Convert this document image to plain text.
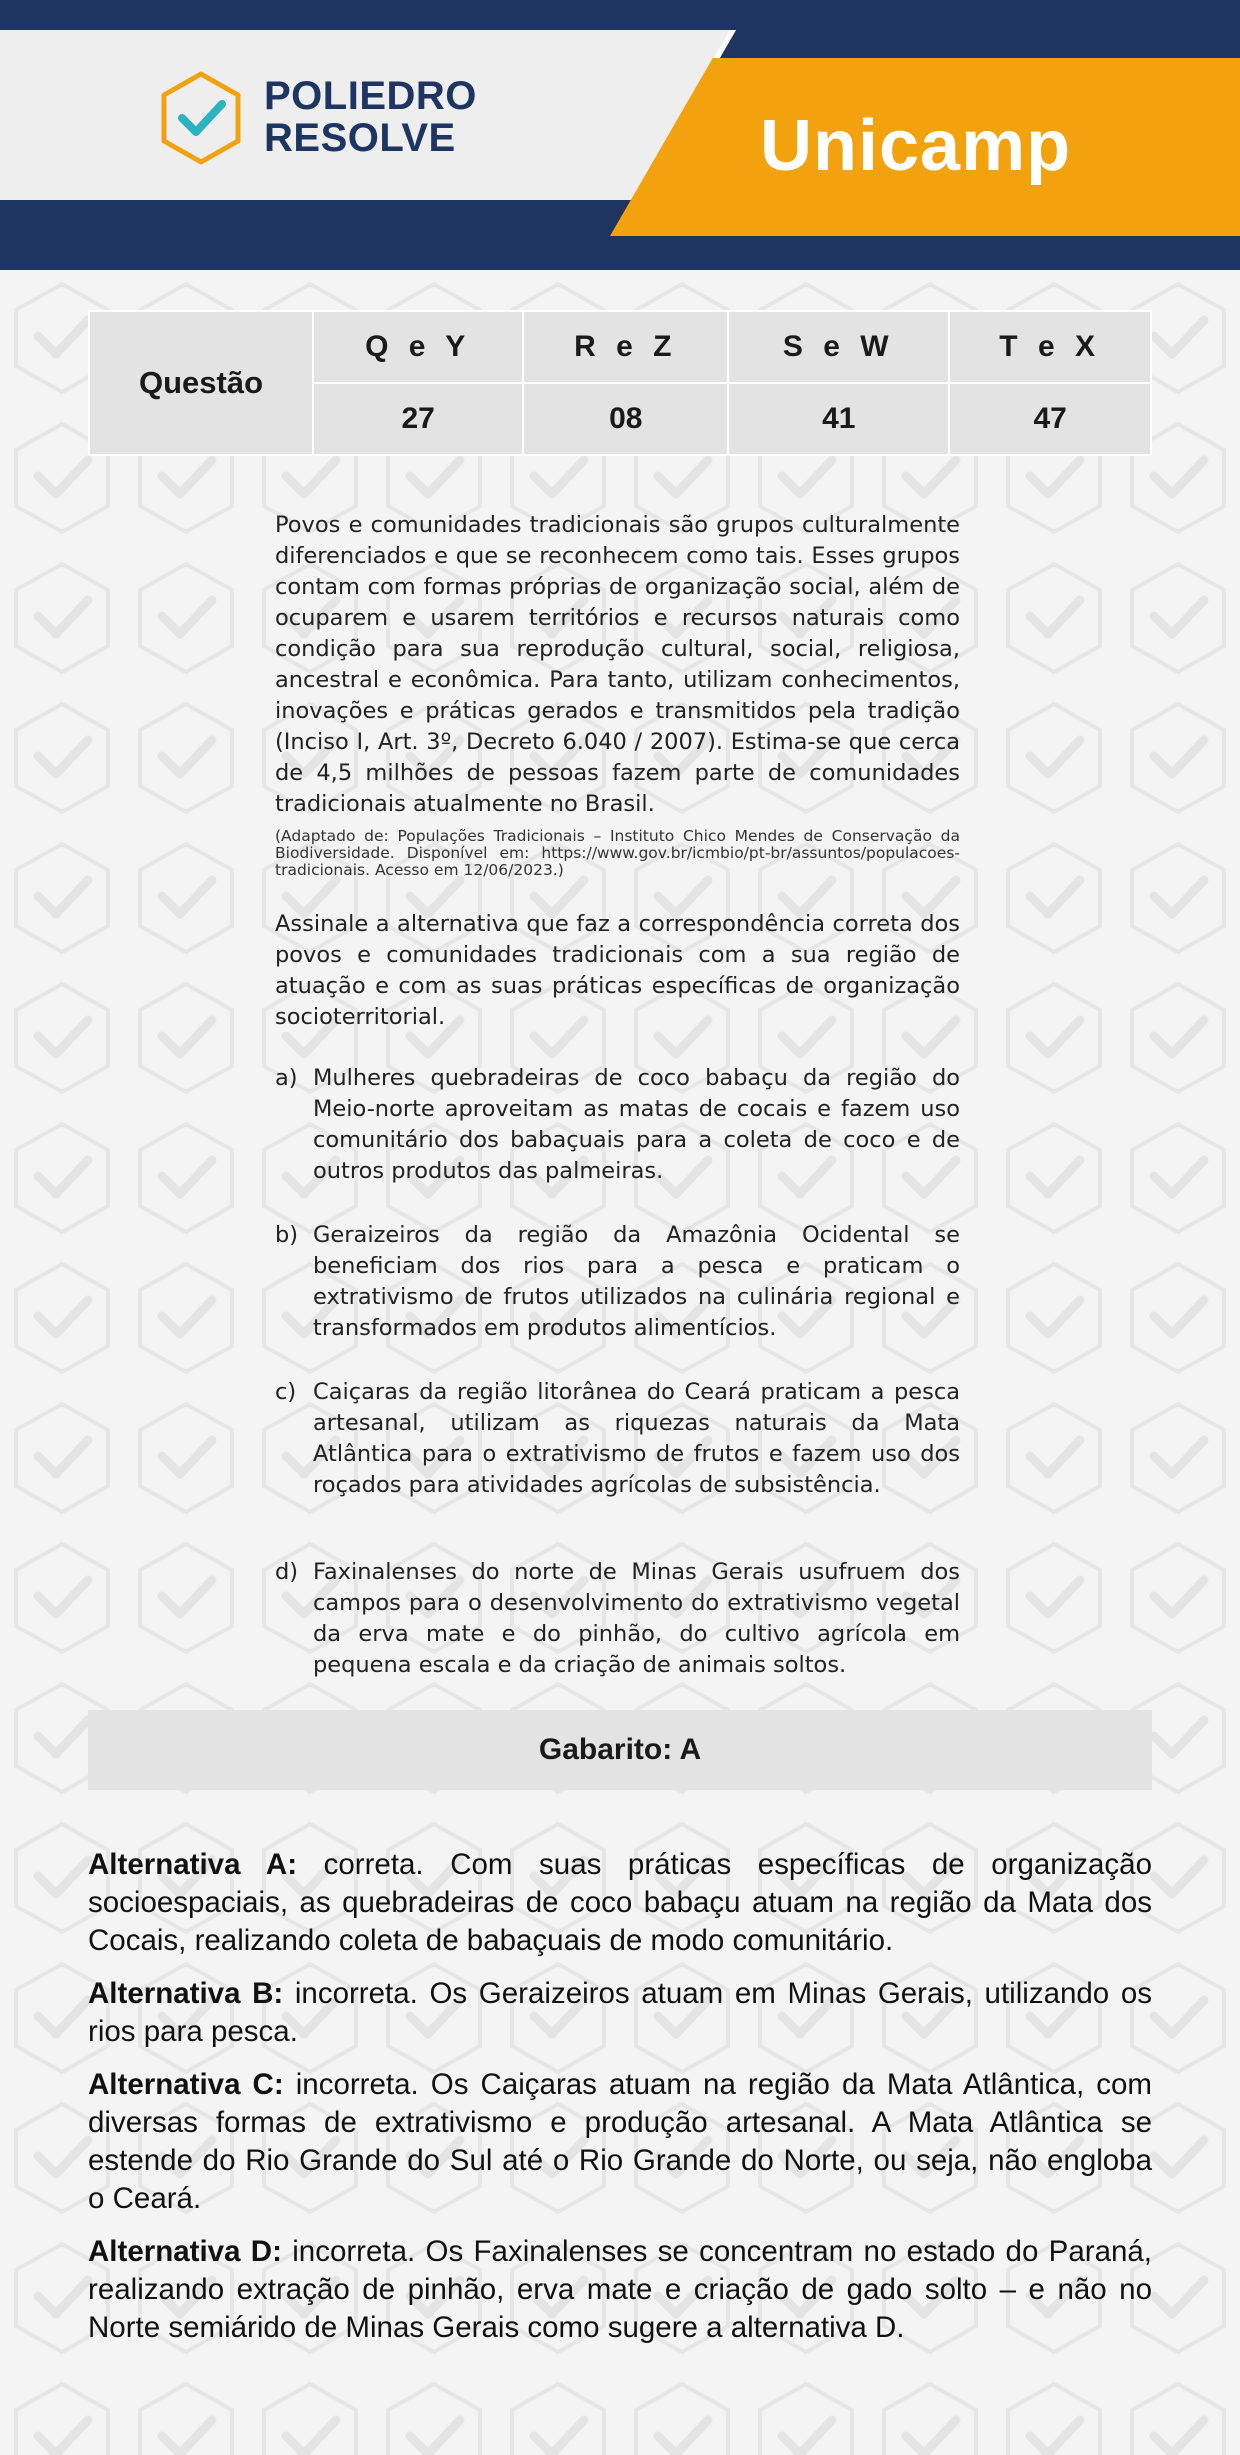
POLIEDRO
RESOLVE	Unicamp
Questão	Q e Y	R e Z	S e W	T e X
	27	08	41	47

Povos e comunidades tradicionais são grupos culturalmente diferenciados e que se reconhecem como tais. Esses grupos contam com formas próprias de organização social, além de ocuparem e usarem territórios e recursos naturais como condição para sua reprodução cultural, social, religiosa, ancestral e econômica. Para tanto, utilizam conhecimentos, inovações e práticas gerados e transmitidos pela tradição (Inciso I, Art. 3º, Decreto 6.040 / 2007). Estima-se que cerca de 4,5 milhões de pessoas fazem parte de comunidades tradicionais atualmente no Brasil.

(Adaptado de: Populações Tradicionais – Instituto Chico Mendes de Conservação da Biodiversidade. Disponível em: https://www.gov.br/icmbio/pt-br/assuntos/populacoes-tradicionais. Acesso em 12/06/2023.)

Assinale a alternativa que faz a correspondência correta dos povos e comunidades tradicionais com a sua região de atuação e com as suas práticas específicas de organização socioterritorial.

a) Mulheres quebradeiras de coco babaçu da região do Meio-norte aproveitam as matas de cocais e fazem uso comunitário dos babaçuais para a coleta de coco e de outros produtos das palmeiras.
b) Geraizeiros da região da Amazônia Ocidental se beneficiam dos rios para a pesca e praticam o extrativismo de frutos utilizados na culinária regional e transformados em produtos alimentícios.
c) Caiçaras da região litorânea do Ceará praticam a pesca artesanal, utilizam as riquezas naturais da Mata Atlântica para o extrativismo de frutos e fazem uso dos roçados para atividades agrícolas de subsistência.
d) Faxinalenses do norte de Minas Gerais usufruem dos campos para o desenvolvimento do extrativismo vegetal da erva mate e do pinhão, do cultivo agrícola em pequena escala e da criação de animais soltos.
Gabarito: A

Alternativa A: correta. Com suas práticas específicas de organização socioespaciais, as quebradeiras de coco babaçu atuam na região da Mata dos Cocais, realizando coleta de babaçuais de modo comunitário.

Alternativa B: incorreta. Os Geraizeiros atuam em Minas Gerais, utilizando os rios para pesca.

Alternativa C: incorreta. Os Caiçaras atuam na região da Mata Atlântica, com diversas formas de extrativismo e produção artesanal. A Mata Atlântica se estende do Rio Grande do Sul até o Rio Grande do Norte, ou seja, não engloba o Ceará.

Alternativa D: incorreta. Os Faxinalenses se concentram no estado do Paraná, realizando extração de pinhão, erva mate e criação de gado solto – e não no Norte semiárido de Minas Gerais como sugere a alternativa D.
